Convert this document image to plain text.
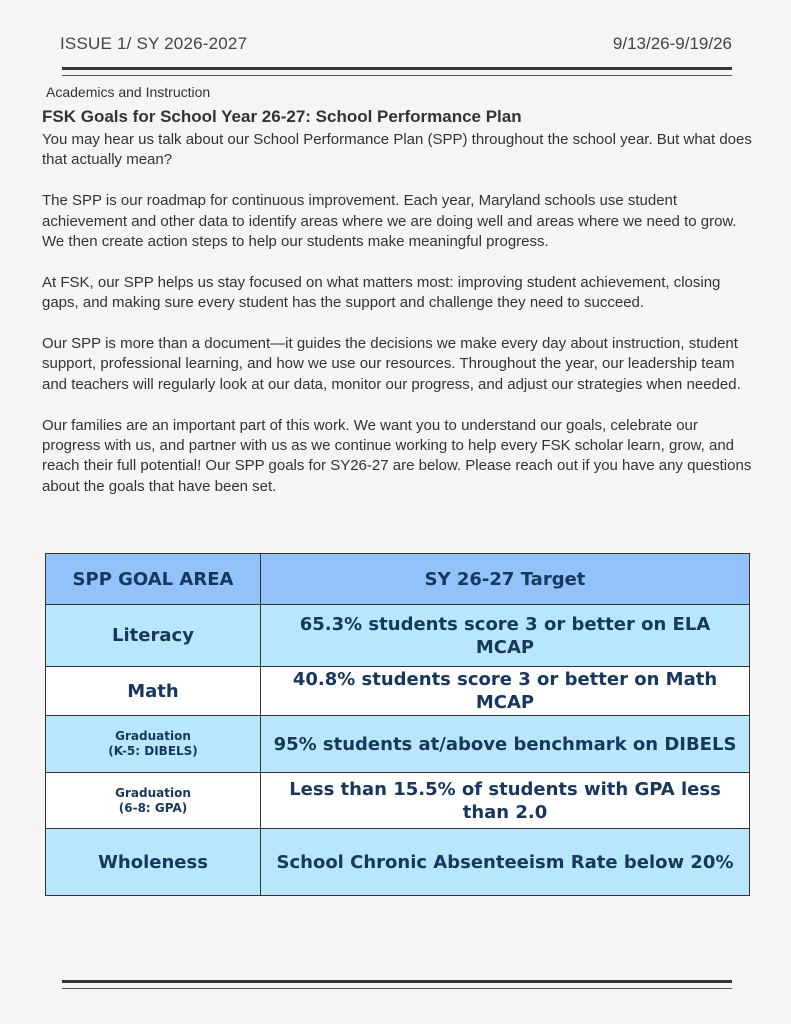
ISSUE 1/ SY 2026-2027	9/13/26-9/19/26
Academics and Instruction
FSK Goals for School Year 26-27: School Performance Plan

You may hear us talk about our School Performance Plan (SPP) throughout the school year. But what does that actually mean?

The SPP is our roadmap for continuous improvement. Each year, Maryland schools use student achievement and other data to identify areas where we are doing well and areas where we need to grow. We then create action steps to help our students make meaningful progress.

At FSK, our SPP helps us stay focused on what matters most: improving student achievement, closing gaps, and making sure every student has the support and challenge they need to succeed.

Our SPP is more than a document—it guides the decisions we make every day about instruction, student support, professional learning, and how we use our resources. Throughout the year, our leadership team and teachers will regularly look at our data, monitor our progress, and adjust our strategies when needed.

Our families are an important part of this work. We want you to understand our goals, celebrate our progress with us, and partner with us as we continue working to help every FSK scholar learn, grow, and reach their full potential! Our SPP goals for SY26-27 are below. Please reach out if you have any questions about the goals that have been set.

SPP GOAL AREA	SY 26-27 Target
Literacy	65.3% students score 3 or better on ELA MCAP
Math	40.8% students score 3 or better on Math MCAP

Graduation
(K-5: DIBELS)	95% students at/above benchmark on DIBELS

Graduation
(6-8: GPA)	Less than 15.5% of students with GPA less than 2.0
Wholeness	School Chronic Absenteeism Rate below 20%
